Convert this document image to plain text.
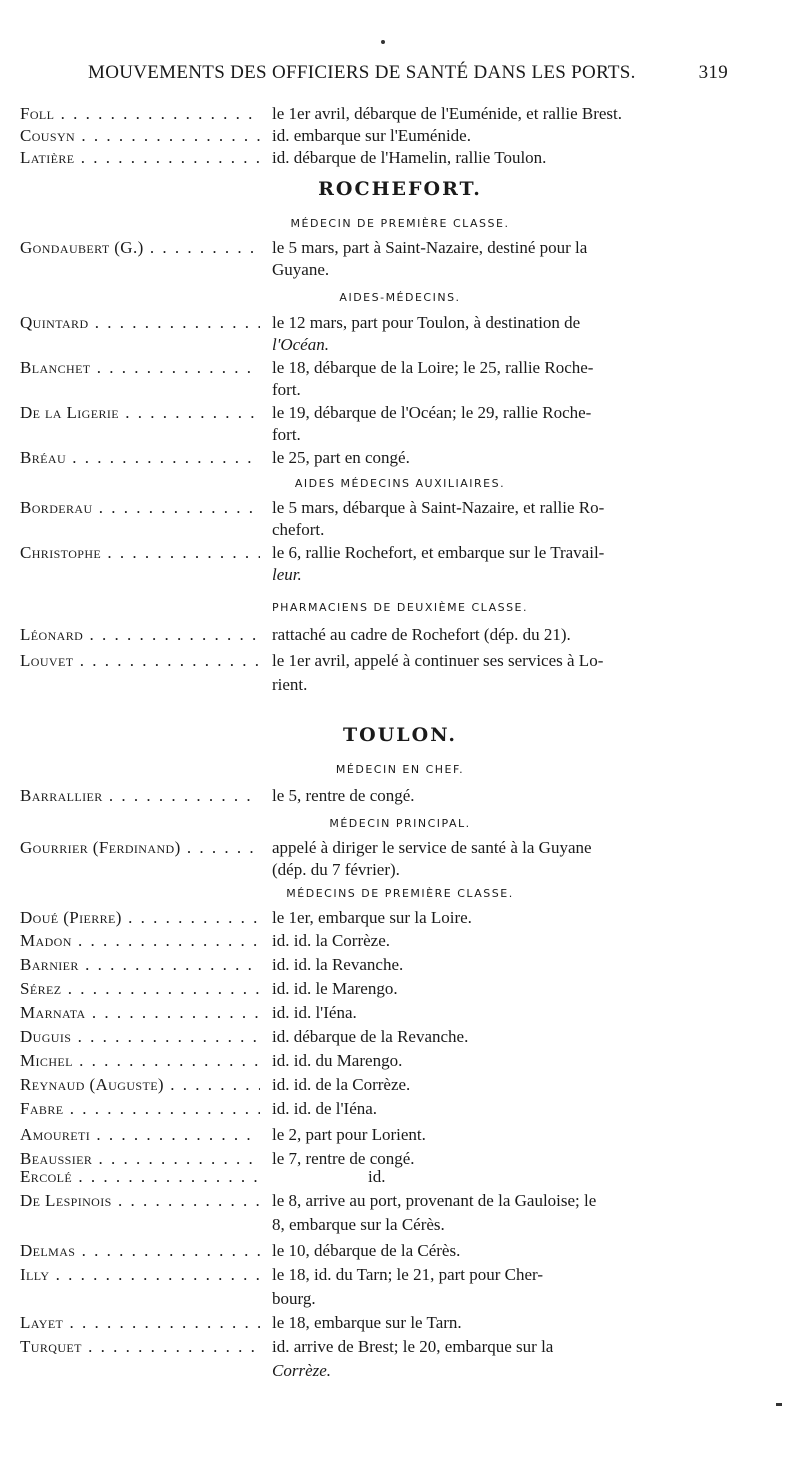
MOUVEMENTS DES OFFICIERS DE SANTÉ DANS LES PORTS.	319
Foll . . .	le 1er avril, débarque de l'Euménide, et rallie Brest.
Cousyn . . .	id. embarque sur l'Euménide.
Latière . . .	id. débarque de l'Hamelin, rallie Toulon.
ROCHEFORT.
MÉDECIN DE PREMIÈRE CLASSE.
Gondaubert (G.) . . .	le 5 mars, part à Saint-Nazaire, destiné pour la
Guyane.
AIDES-MÉDECINS.
Quintard . . .	le 12 mars, part pour Toulon, à destination de
l'Océan.
Blanchet . . .	le 18, débarque de la Loire; le 25, rallie Roche-
fort.
De la Ligerie . . .	le 19, débarque de l'Océan; le 29, rallie Roche-
fort.
Bréau . . .	le 25, part en congé.
AIDES MÉDECINS AUXILIAIRES.
Borderau . . .	le 5 mars, débarque à Saint-Nazaire, et rallie Ro-
chefort.
Christophe . . .	le 6, rallie Rochefort, et embarque sur le Travail-
leur.
PHARMACIENS DE DEUXIÈME CLASSE.
Léonard . . .	rattaché au cadre de Rochefort (dép. du 21).
Louvet . . .	le 1er avril, appelé à continuer ses services à Lo-
rient.
TOULON.
MÉDECIN EN CHEF.
Barrallier . . .	le 5, rentre de congé.
MÉDECIN PRINCIPAL.
Gourrier (Ferdinand) . . .	appelé à diriger le service de santé à la Guyane
(dép. du 7 février).
MÉDECINS DE PREMIÈRE CLASSE.
Doué (Pierre) . . .	le 1er, embarque sur la Loire.
Madon . . .	id. id. la Corrèze.
Barnier . . .	id. id. la Revanche.
Sérez . . .	id. id. le Marengo.
Marnata . . .	id. id. l'Iéna.
Duguis . . .	id. débarque de la Revanche.
Michel . . .	id. id. du Marengo.
Reynaud (Auguste) . . .	id. id. de la Corrèze.
Fabre . . .	id. id. de l'Iéna.
Amoureti . . .	le 2, part pour Lorient.
Beaussier . . .	le 7, rentre de congé.
Ercolé . . .	id.
De Lespinois . . .	le 8, arrive au port, provenant de la Gauloise; le
8, embarque sur la Cérès.
Delmas . . .	le 10, débarque de la Cérès.
Illy . . .	le 18, id. du Tarn; le 21, part pour Cher-
bourg.
Layet . . .	le 18, embarque sur le Tarn.
Turquet . . .	id. arrive de Brest; le 20, embarque sur la
Corrèze.
